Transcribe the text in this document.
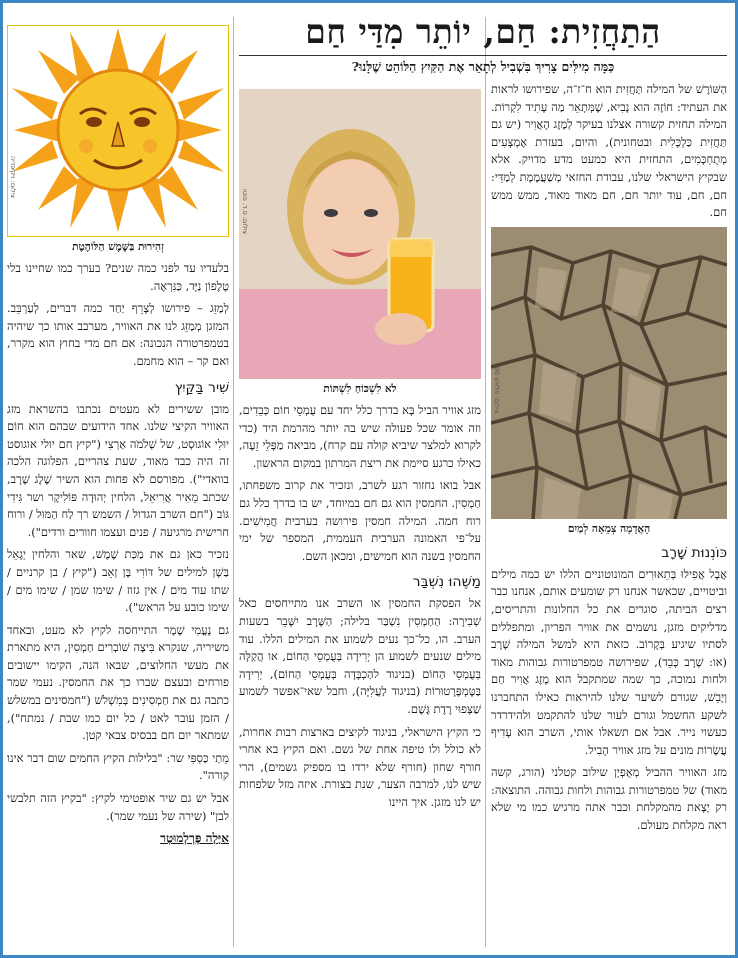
הַתַחֲזִית: חַם, יוֹתֵר מִדַּי חַם

כַּמָּה מִילִּים צָרִיךְ בִּשְׁבִיל לְתָאֵר אֶת הַקַּיִץ הַלּוֹהֵט שֶׁלָּנוּ?

הַשּׁוֹרֶשׁ של המילה תַּחֲזִית הוא ח־ז־ה, שפירושו לראות את העתיד: חוֹזֶה הוא נָבִיא, שֶׁמְּתָאֵר מַה עָתִיד לִקְרוֹת. המילה תחזית קשורה אצלנו בעיקר לְמֶזֶג הָאֲוִיר (יש גם תַּחֲזִית כַּלְכָּלִית ובטחונית), והיום, בעזרת אֶמְצָעִים מְתֻחְכָּמִים, התחזית היא כמעט מדע מדויק. אלא שבקיץ הישראלי שלנו, עבודת החזאי מְשַׁעֲמֶמֶת לְמַדֵּי: חם, חם, עוד יותר חם, חם מאוד מאוד, ממש ממש חם.

צילום: פלאש 90
הָאֲדָמָה צְמֵאָה לְמַיִם
כּוֹנְנוּת שָׁרָב

אֲבָל אֲפִילּוּ בְּתֵאוּרִים המונוטוניים הללו יש כמה מילים וביטויים, שכאשר אנחנו רק שומעים אותם, אנחנו כבר רצים הביתה, סוגרים את כל החלונות והתריסים, מדליקים מזגן, נושמים את אוויר הפריון, ומתפללים לסתיו שיגיע בְּקָרוֹב. כזאת היא למשל המילה שָׁרָב (או: שָׁרָב כָּבֵד), שפירושה טמפרטורות גבוהות מאוד ולחות נמוכה, כך שמה שמתקבל הוא מֶזֶג אֲוִיר חַם וְיָבֵשׁ, שגורם לשיער שלנו להיראות כאילו התחברנו לשקע החשמל וגורם לעור שלנו להתקמט ולהידרדר כעשוי נייר. אבל אם תשאלו אותי, השרב הוא עָדִיף עֲשָׂרוֹת מונים על מזג אוויר הָבִיל.

מזג האוויר ההביל מְאֻפְיָן שילוב קטלני (הורג, קשה מאוד) של טמפרטורות גבוהות ולחות גבוהה. התוצאה: רק יָצָאת מהמקלחת וכבר אתה מרגיש כמו מי שלא ראה מקלחת מעולם.

צילום: ס.ד. פוטו
לֹא לִשְׁכּוֹחַ לִשְׁתּוֹת

מזג אוויר הביל בָּא בדרך כלל יחד עם עֻמְסֵי חוֹם כְּבֵדִים, וזה אומר שכל פעולה שיש בה יותר מהרמת היד (כדי לקרוא למלצר שיביא קולה עם קרח), מביאה מַפָּלֵי זֵעָה, כאילו כרגע סיימת את ריצת המרתון במקום הראשון.

אבל בואו נחזור רגע לשרב, ונזכיר את קרוב משפחתו, חַמְסִין. החמסין הוא גם חם במיוחד, יש בו בדרך כלל גם רוח חמה. המילה חמסין פירושה בערבית חֲמִישִׁים. על־פי האמונה הערבית העממית, המספר של ימי החמסין בשנה הוא חמישים, ומכאן השם.

מַשֶּׁהוּ נִשְׁבַּר

אל הפסקת החמסין או השרב אנו מתייחסים כאל שְׁבִירָה: הַחַמְסִין נִשְׁבַּר בלילה; הַשָּׁרָב יִשָּׁבֵר בשעות הערב. הו, כל־כך נעים לשמוע את המילים הללו. עוד מילים שנעים לשמוע הן יְרִידָה בְּעֻמְסֵי הַחוֹם, או הֲקַלָּה בְּעֻמְסֵי הַחוֹם (בניגוד להַכְבָּדָה בְּעֻמְסֵי הַחוֹם), יְרִידָה בַּטֶּמְפֶּרָטוּרוֹת (בניגוד לַעֲלִיָּה), וחבל שאי־אפשר לשמוע שַׁצְּפוּי רֶדֶת גֶּשֶׁם.

כי הקיץ הישראלי, בניגוד לקיצים בארצות רבות אחרות, לא כולל ולו טיפה אחת של גשם. ואם הקיץ בא אחרי חורף שחון (חורף שלא ירדו בו מספיק גשמים), הרי שיש לנו, למרבה הצער, שנת בצורת. איזה מזל שלפחות יש לנו מזגן. איך היינו

צילום: ויקיפדיה
זְהִירוּת בַּשֶּׁמֶשׁ הַלּוֹהֶטֶת

בלעדיו עד לפני כמה שנים? בערך כמו שחיינו בלי טֶלֶפוֹן נַיָּד, כַּנִּרְאֶה.

לְמַזֵּג – פירושו לְצָרֵף יַחַד כמה דברים, לְעַרְבֵּב. המזגן מְמַזֵּג לנו את האוויר, מערבב אותו כך שיהיה בטמפרטורה הנכונה: אם חם מדי בחוץ הוא מקרר, ואם קר – הוא מחמם.

שִׁיר בַּקַּיִץ

מובן ששירים לא מעטים נכתבו בהשראת מזג האוויר הקיצי שלנו. אחד הידועים שבהם הוא חוֹם יוּלִי אוֹגוּסְט, של שְׁלֹמֹה אַרְצִי ("קיץ חם יולי אוגוסט זה היה כבד מאוד, שעת צהריים, הפלוגה הלכה בוואדי"). מפורסם לא פחות הוא השיר שֶׁלֶג שָׁרָב, שכתב מֵאִיר אֲרִיאֵל, הלחין יְהוּדָה פּוֹלִיקֶר ושר גִּידִי גּוֹב ("חם השרב הגדול / השמש רך לַח הַמּוּל / ורוח חרישית מרגיעה / פנים ועצמו חוורים ורדים").

נזכיר כאן גם את מַכַּת שֶׁמֶשׁ, שאר והלחין יְגָאֵל בַּשָׁן למילים של דּוֹרִי בֶּן זְאֵב ("קיץ / בן קרניים / שתו עוד מים / אין גזוז / שימו שמן / שימו מים / שימו כובע על הראש").

גם נָעֳמִי שֶׁמֶר התייחסה לקיץ לא מעט, ובאחד משיריה, שנקרא בִּיצָה שׁוֹבְרִים חַמְסִין, היא מתארת את מעשי החלוצים, שבאו הנה, הקימו יישובים פורחים ובעצם שברו כך את החמסין. נעמי שמר כתבה גם את חַמְסִינִים בְּמִשְׁלֹשׁ ("חמסינים במשלש / הזמן עובר לאט / כל יום כמו שבת / נמתח"), שמתאר יום חם בבסיס צבאי קטן.

מֵתַי כַּסְפִּי שר: "בלילות הקיץ החמים שום דבר אינו קורה".

אבל יש גם שיר אופטימי לקיץ: "בקיץ הזה תלבשי לבן" (שירה של נעמי שמר).

אַיָּלָה פֶּרְלְמוּטֶר
